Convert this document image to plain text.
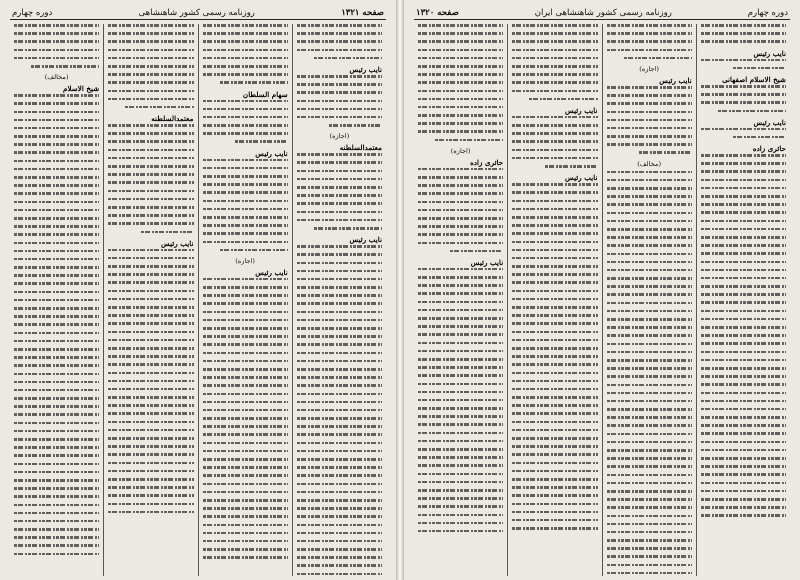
صفحه ۱۳۲۱
روزنامه رسمی کشور شاهنشاهی
دوره چهارم
نایب رئیس
(اجازه)
معتمدالسلطنه
نایب رئیس
سهام السلطان
نایب رئیس
(اجازه)
نایب رئیس
معتمدالسلطنه
نایب رئیس
(مخالف)
شیخ الاسلام
دوره چهارم
روزنامه رسمی کشور شاهنشاهی ایران
صفحه ۱۳۲۰
نایب رئیس
شیخ الاسلام اصفهانی
نایب رئیس
حائری زاده
(اجازه)
نایب رئیس
(مخالف)
نایب رئیس
نایب رئیس
(اجازه)
حائری زاده
نایب رئیس
